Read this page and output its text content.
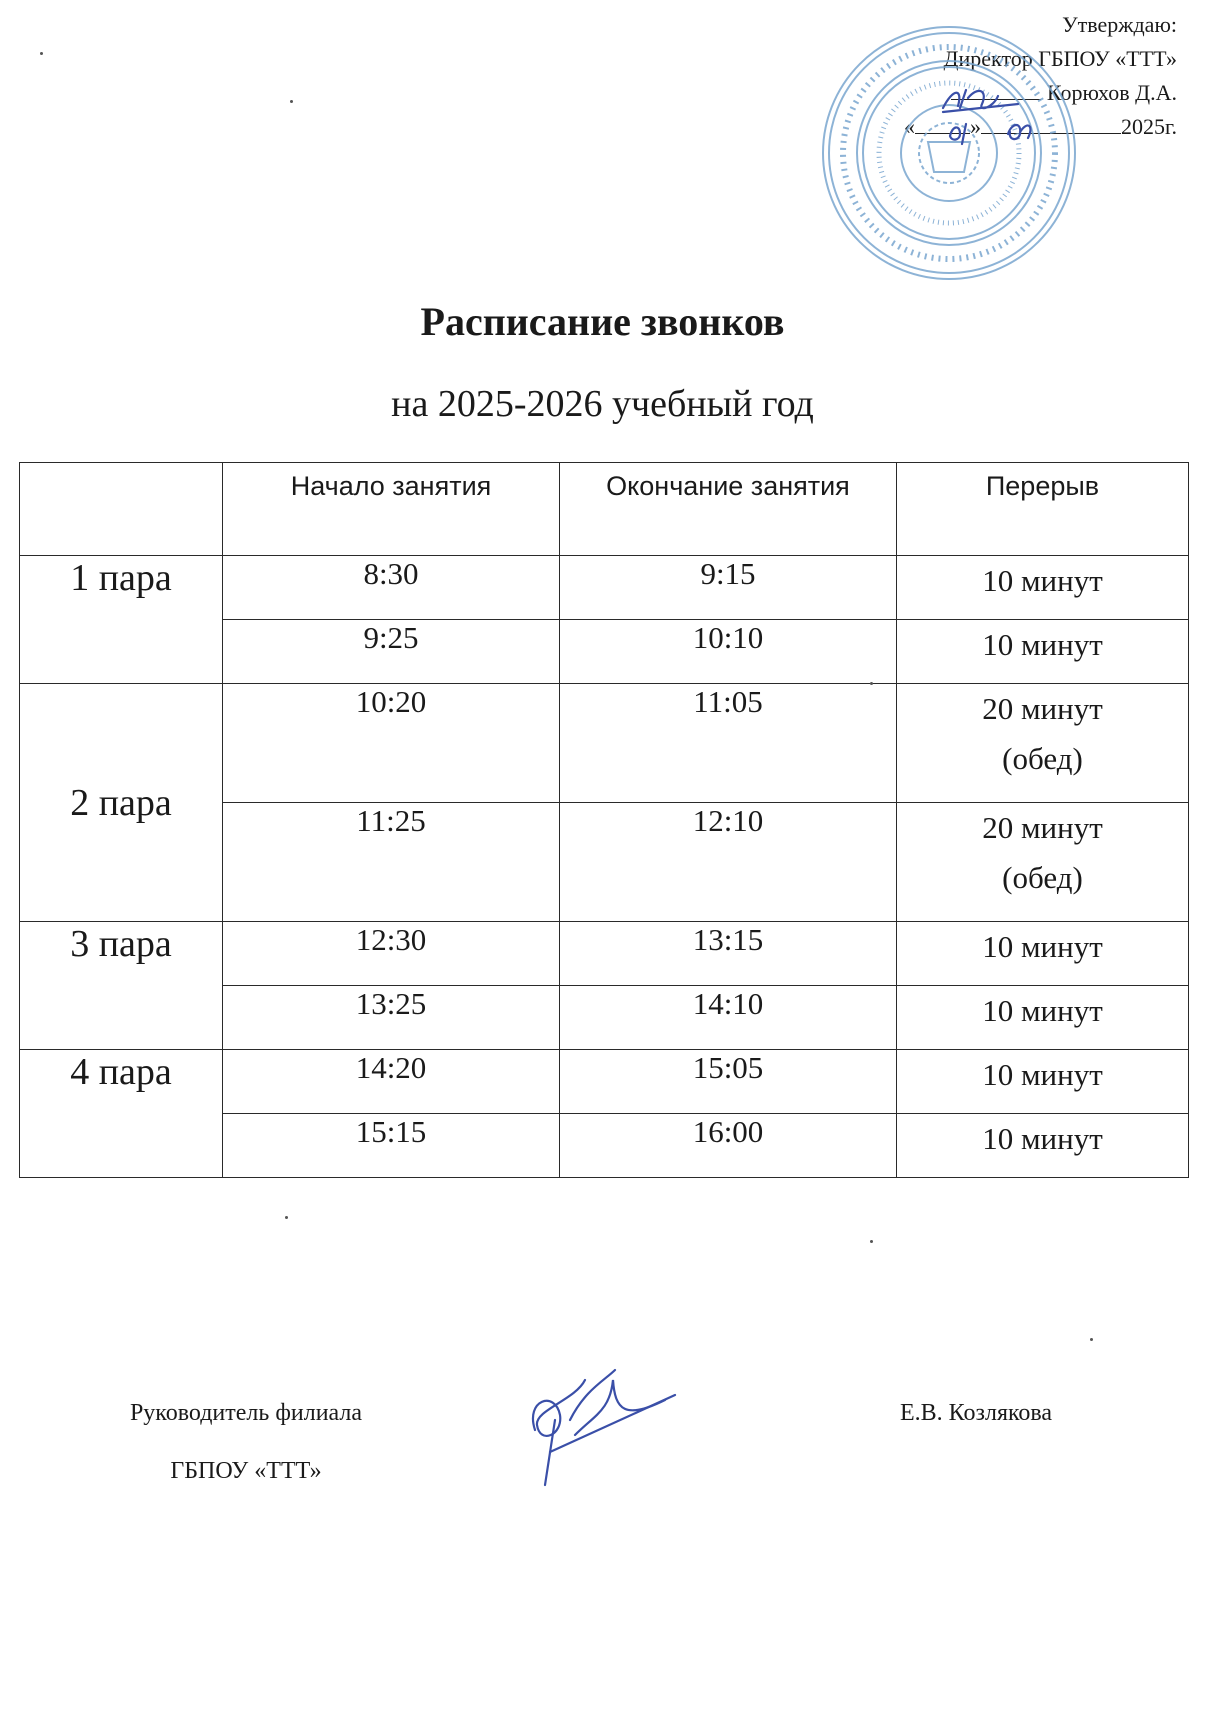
Утверждаю:
Директор ГБПОУ «ТТТ»
Корюхов Д.А.
«	»	2025г.
Расписание звонков
на 2025-2026 учебный год
	Начало занятия	Окончание занятия	Перерыв
1 пара	8:30	9:15	10 минут

	9:25	10:10	10 минут

2 пара	10:20	11:05	20 минут
(обед)

	11:25	12:10	20 минут
(обед)

3 пара	12:30	13:15	10 минут

	13:25	14:10	10 минут

4 пара	14:20	15:05	10 минут

	15:15	16:00	10 минут
Руководитель филиала
ГБПОУ «ТТТ»
Е.В. Козлякова
